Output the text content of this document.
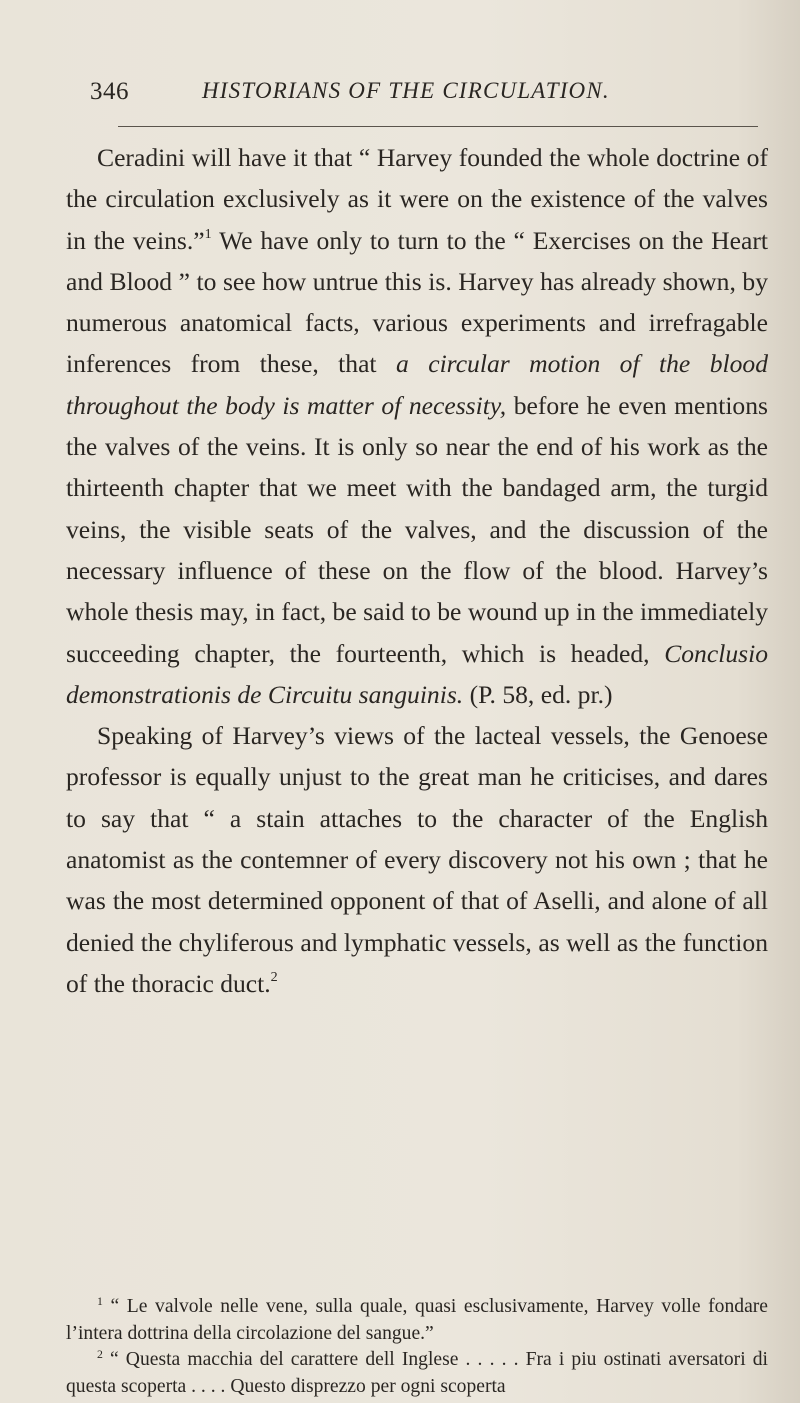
346	HISTORIANS OF THE CIRCULATION.

Ceradini will have it that “ Harvey founded the whole doctrine of the circulation exclusively as it were on the existence of the valves in the veins.”$^1$ We have only to turn to the “ Exercises on the Heart and Blood ” to see how untrue this is. Harvey has already shown, by numerous anatomical facts, various experiments and irrefragable inferences from these, that a circular motion of the blood throughout the body is matter of necessity, before he even mentions the valves of the veins. It is only so near the end of his work as the thirteenth chapter that we meet with the bandaged arm, the turgid veins, the visible seats of the valves, and the discussion of the necessary influence of these on the flow of the blood. Harvey’s whole thesis may, in fact, be said to be wound up in the immediately succeeding chapter, the fourteenth, which is headed, Conclusio demonstrationis de Circuitu sanguinis. (P. 58, ed. pr.)

Speaking of Harvey’s views of the lacteal vessels, the Genoese professor is equally unjust to the great man he criticises, and dares to say that “ a stain attaches to the character of the English anatomist as the contemner of every discovery not his own ; that he was the most determined opponent of that of Aselli, and alone of all denied the chyliferous and lymphatic vessels, as well as the function of the thoracic duct.$^2$

$^1$ “ Le valvole nelle vene, sulla quale, quasi esclusivamente, Harvey volle fondare l’intera dottrina della circolazione del sangue.”

$^2$ “ Questa macchia del carattere dell Inglese . . . . . Fra i piu ostinati aversatori di questa scoperta . . . . Questo disprezzo per ogni scoperta
